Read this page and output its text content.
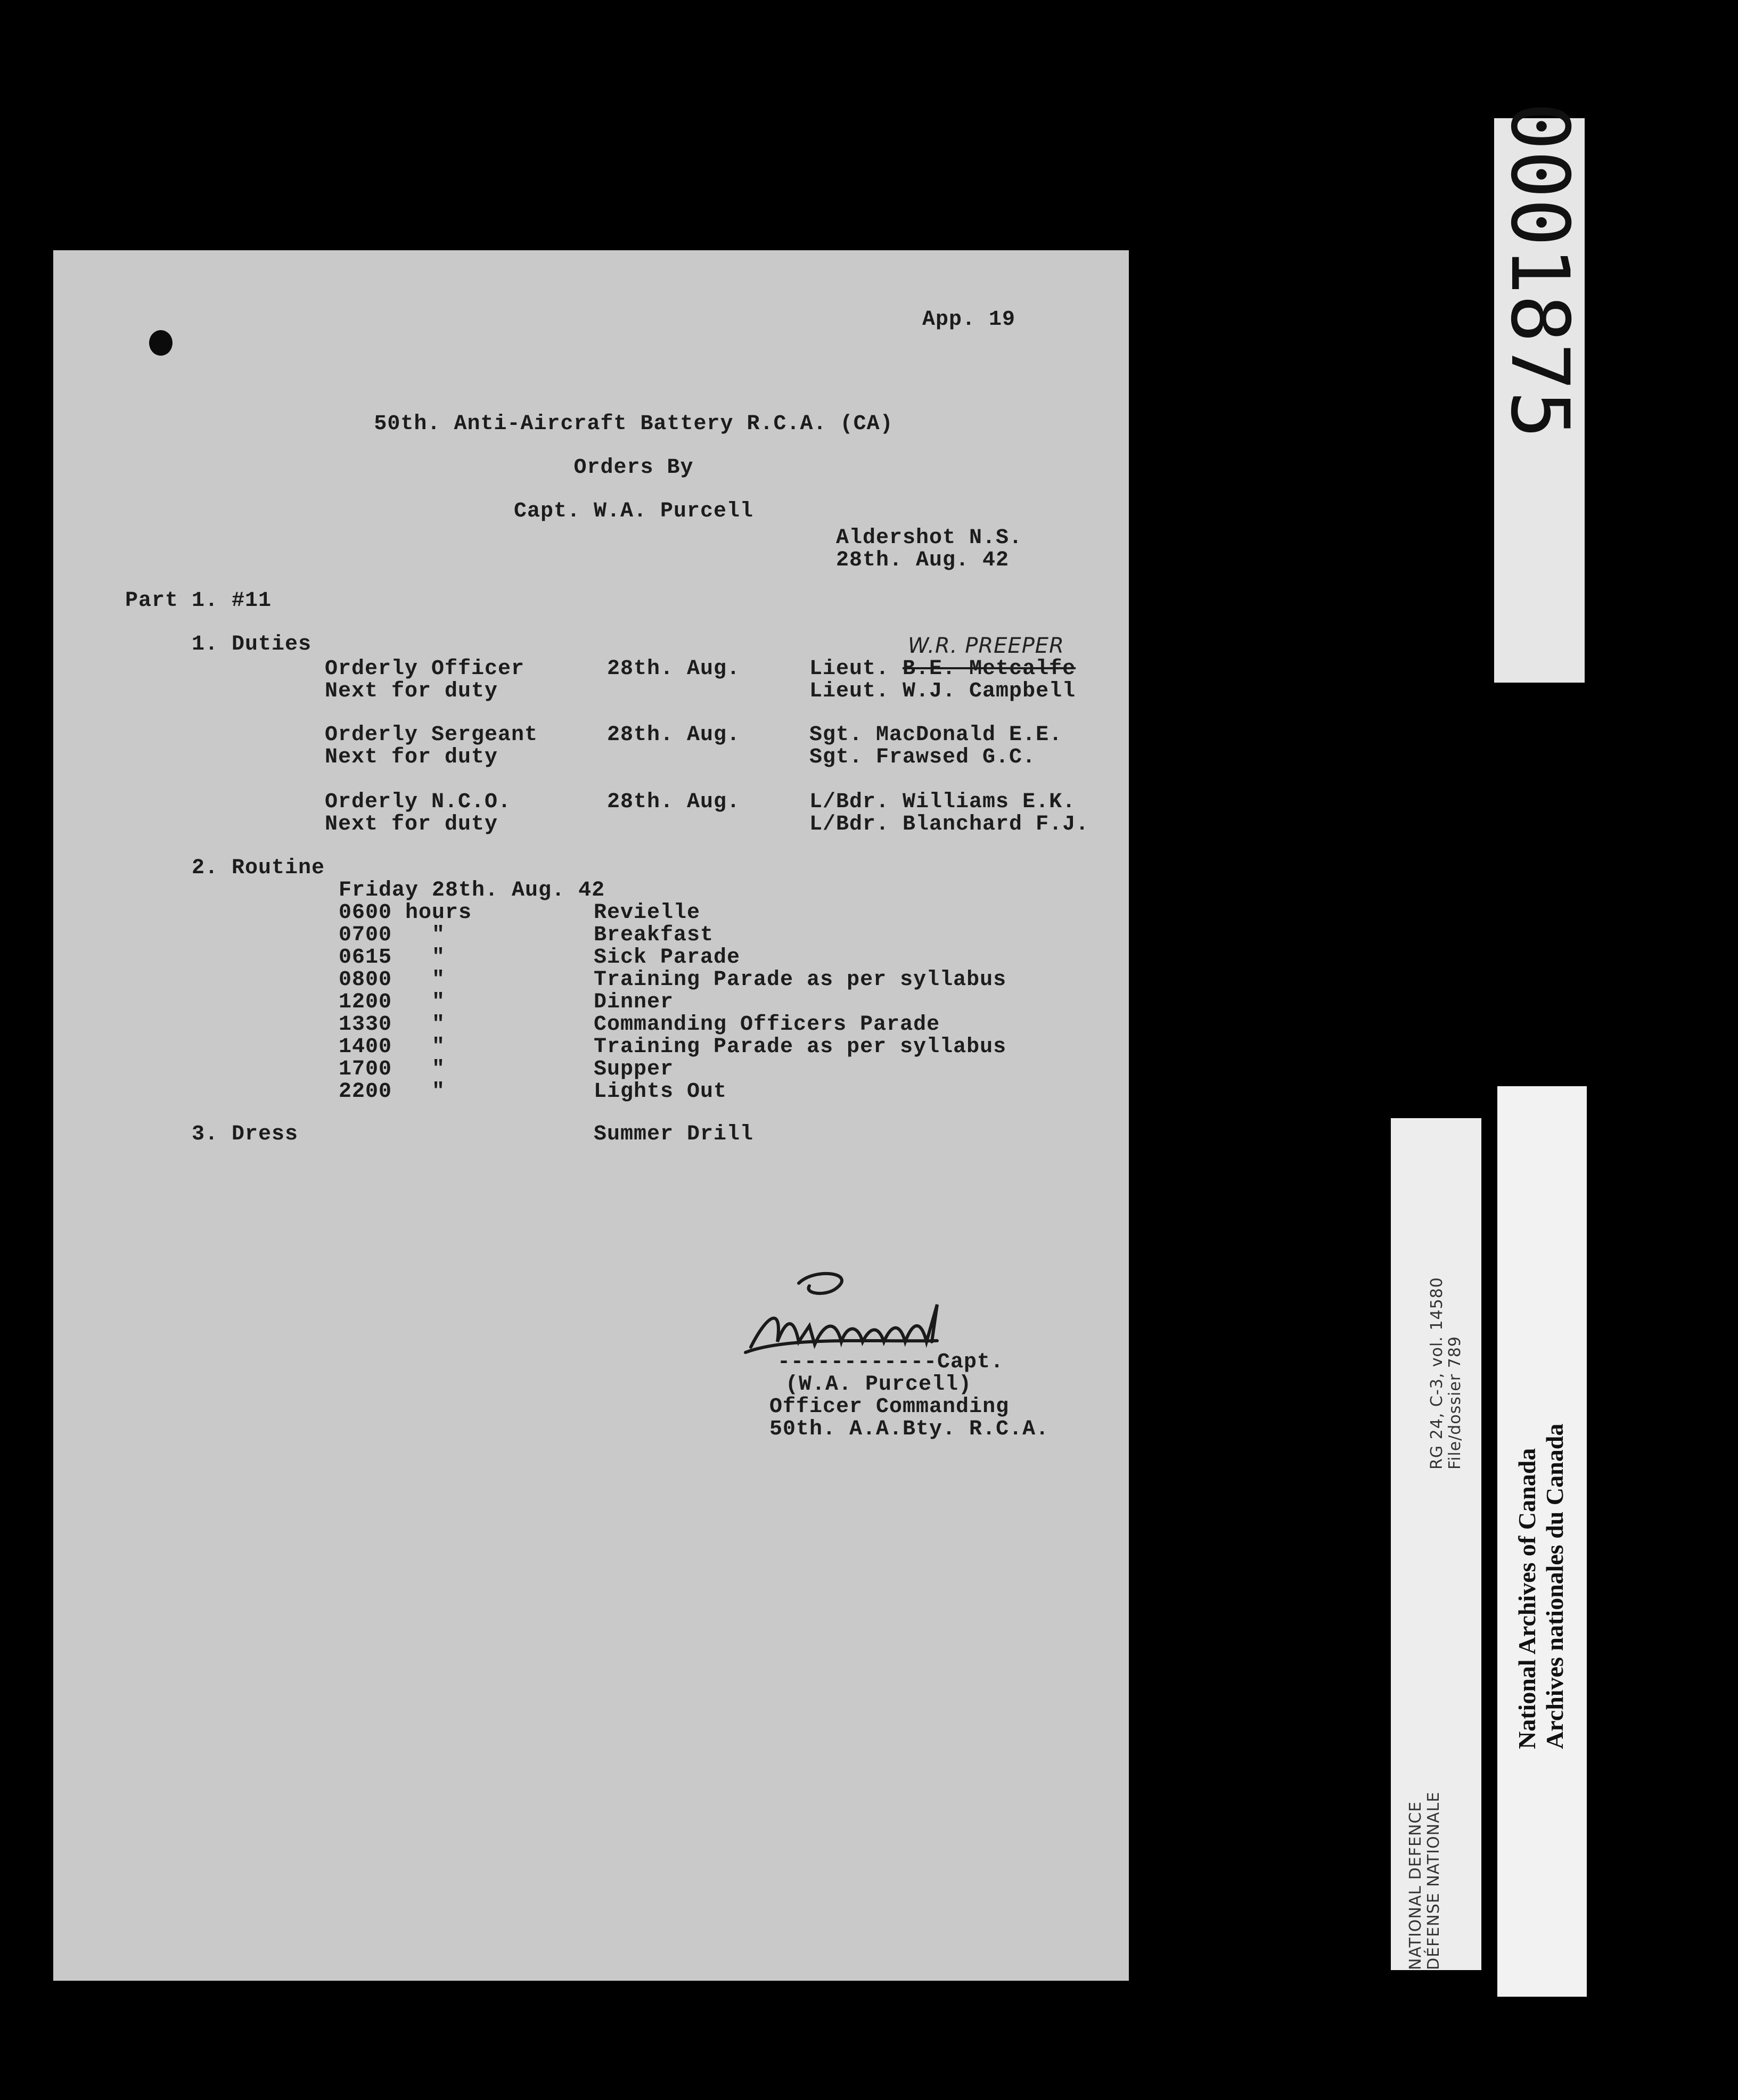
App. 19
50th. Anti-Aircraft Battery R.C.A. (CA)
Orders By
Capt. W.A. Purcell
Aldershot N.S.
28th. Aug. 42
Part 1. #11
1. Duties	W.R. PREEPER
Orderly Officer	28th. Aug.	Lieut. B.E. Metcalfe
Next for duty	Lieut. W.J. Campbell
Orderly Sergeant	28th. Aug.	Sgt. MacDonald E.E.
Next for duty	Sgt. Frawsed G.C.
Orderly N.C.O.	28th. Aug.	L/Bdr. Williams E.K.
Next for duty	L/Bdr. Blanchard F.J.
2. Routine
Friday 28th. Aug. 42
0600 hours	Revielle
0700   "	Breakfast
0615   "	Sick Parade
0800   "	Training Parade as per syllabus
1200   "	Dinner
1330   "	Commanding Officers Parade
1400   "	Training Parade as per syllabus
1700   "	Supper
2200   "	Lights Out
3. Dress	Summer Drill
------------Capt.
(W.A. Purcell)
Officer Commanding
50th. A.A.Bty. R.C.A.
0001875
NATIONAL DEFENCE
DÉFENSE NATIONALE
RG 24, C-3, vol. 14580
File/dossier 789
National Archives of Canada
Archives nationales du Canada
